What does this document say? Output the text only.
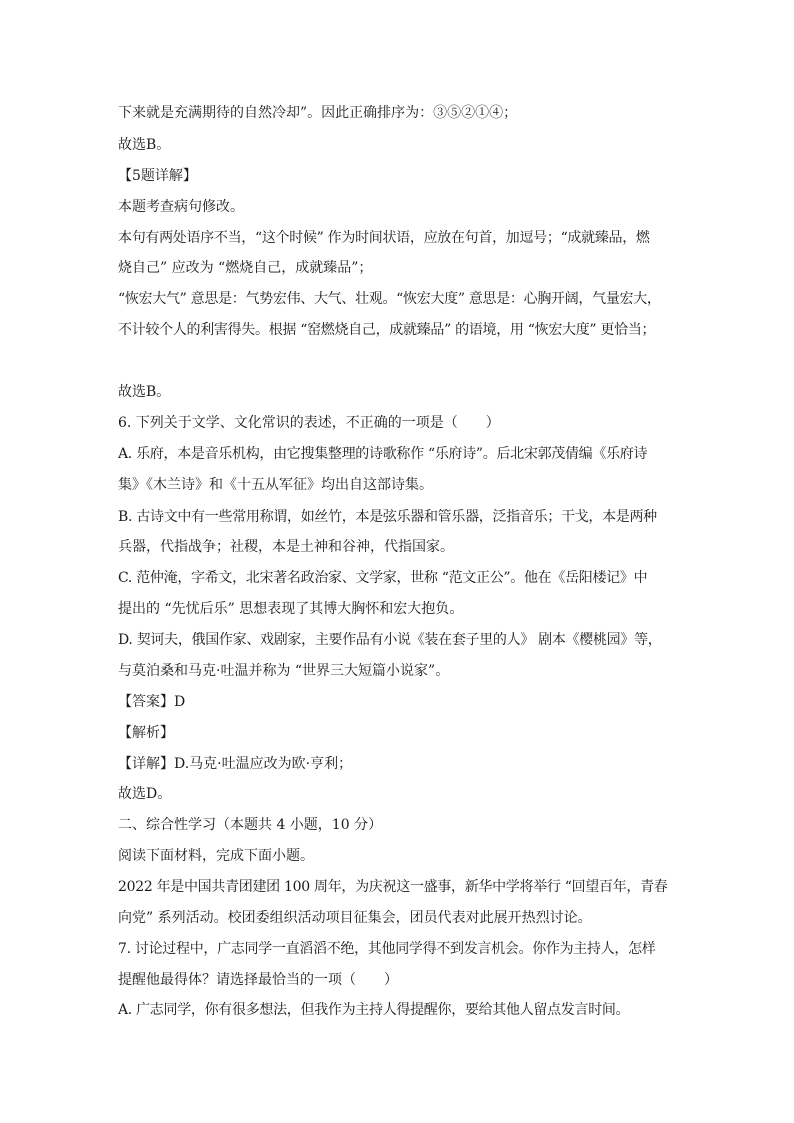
下来就是充满期待的自然冷却”。因此正确排序为：③⑤②①④；
故选B。
【5题详解】
本题考查病句修改。
本句有两处语序不当，“这个时候” 作为时间状语，应放在句首，加逗号；“成就臻品，燃
烧自己” 应改为 “燃烧自己，成就臻品”；
“恢宏大气” 意思是：气势宏伟、大气、壮观。“恢宏大度” 意思是：心胸开阔，气量宏大，
不计较个人的利害得失。根据 “窑燃烧自己，成就臻品” 的语境，用 “恢宏大度” 更恰当；
故选B。
6. 下列关于文学、文化常识的表述，不正确的一项是（　　）
A. 乐府，本是音乐机构，由它搜集整理的诗歌称作 “乐府诗”。后北宋郭茂倩编《乐府诗
集》《木兰诗》和《十五从军征》均出自这部诗集。
B. 古诗文中有一些常用称谓，如丝竹，本是弦乐器和管乐器，泛指音乐；干戈，本是两种
兵器，代指战争；社稷，本是土神和谷神，代指国家。
C. 范仲淹，字希文，北宋著名政治家、文学家，世称 “范文正公”。他在《岳阳楼记》中
提出的 “先忧后乐” 思想表现了其博大胸怀和宏大抱负。
D. 契诃夫，俄国作家、戏剧家，主要作品有小说《装在套子里的人》 剧本《樱桃园》等，
与莫泊桑和马克·吐温并称为 “世界三大短篇小说家”。
【答案】D
【解析】
【详解】D.马克·吐温应改为欧·亨利；
故选D。
二、综合性学习（本题共 4 小题，10 分）
阅读下面材料，完成下面小题。
2022 年是中国共青团建团 100 周年，为庆祝这一盛事，新华中学将举行 “回望百年，青春
向党” 系列活动。校团委组织活动项目征集会，团员代表对此展开热烈讨论。
7. 讨论过程中，广志同学一直滔滔不绝，其他同学得不到发言机会。你作为主持人，怎样
提醒他最得体？请选择最恰当的一项（　　）
A. 广志同学，你有很多想法，但我作为主持人得提醒你，要给其他人留点发言时间。
